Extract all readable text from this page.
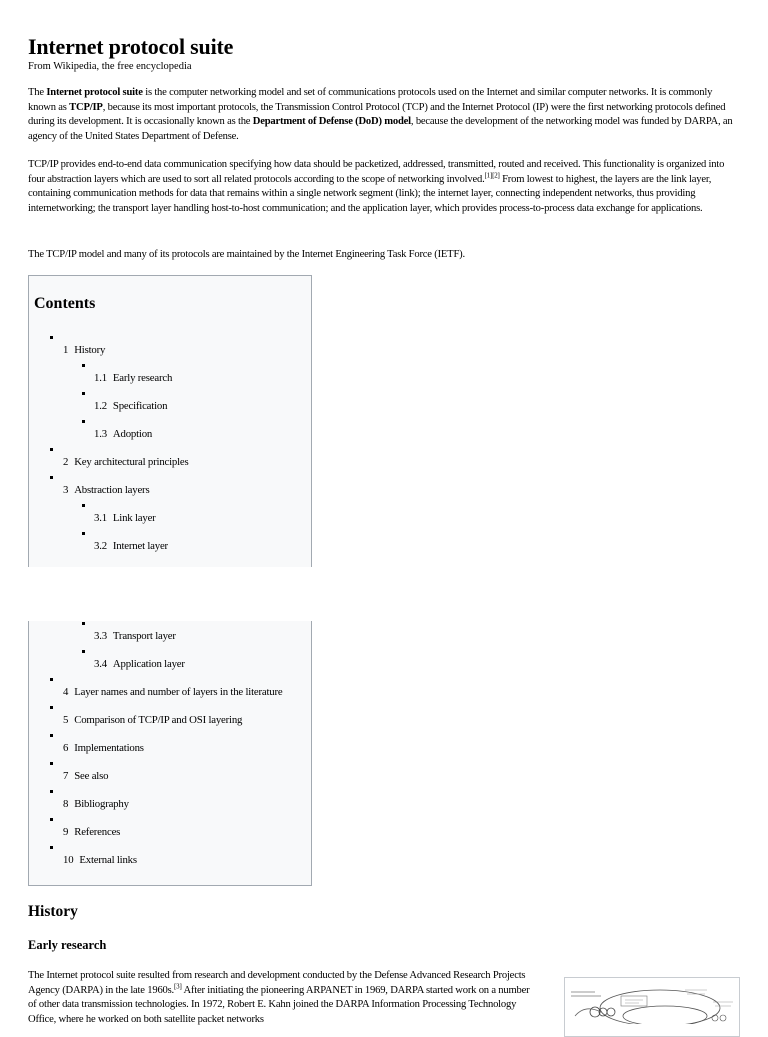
Internet protocol suite
From Wikipedia, the free encyclopedia

The Internet protocol suite is the computer networking model and set of communications protocols used on the Internet and similar computer networks. It is commonly known as TCP/IP, because its most important protocols, the Transmission Control Protocol (TCP) and the Internet Protocol (IP) were the first networking protocols defined during its development. It is occasionally known as the Department of Defense (DoD) model, because the development of the networking model was funded by DARPA, an agency of the United States Department of Defense.

TCP/IP provides end-to-end data communication specifying how data should be packetized, addressed, transmitted, routed and received. This functionality is organized into four abstraction layers which are used to sort all related protocols according to the scope of networking involved.[1][2] From lowest to highest, the layers are the link layer, containing communication methods for data that remains within a single network segment (link); the internet layer, connecting independent networks, thus providing internetworking; the transport layer handling host-to-host communication; and the application layer, which provides process-to-process data exchange for applications.

The TCP/IP model and many of its protocols are maintained by the Internet Engineering Task Force (IETF).

History
Early research

The Internet protocol suite resulted from research and development conducted by the Defense Advanced Research Projects Agency (DARPA) in the late 1960s.[3] After initiating the pioneering ARPANET in 1969, DARPA started work on a number of other data transmission technologies. In 1972, Robert E. Kahn joined the DARPA Information Processing Technology Office, where he worked on both satellite packet networks

Contents
1 History
1.1 Early research
1.2 Specification
1.3 Adoption
2 Key architectural principles
3 Abstraction layers
3.1 Link layer
3.2 Internet layer
3.3 Transport layer
3.4 Application layer
4 Layer names and number of layers in the literature
5 Comparison of TCP/IP and OSI layering
6 Implementations
7 See also
8 Bibliography
9 References
10 External links
